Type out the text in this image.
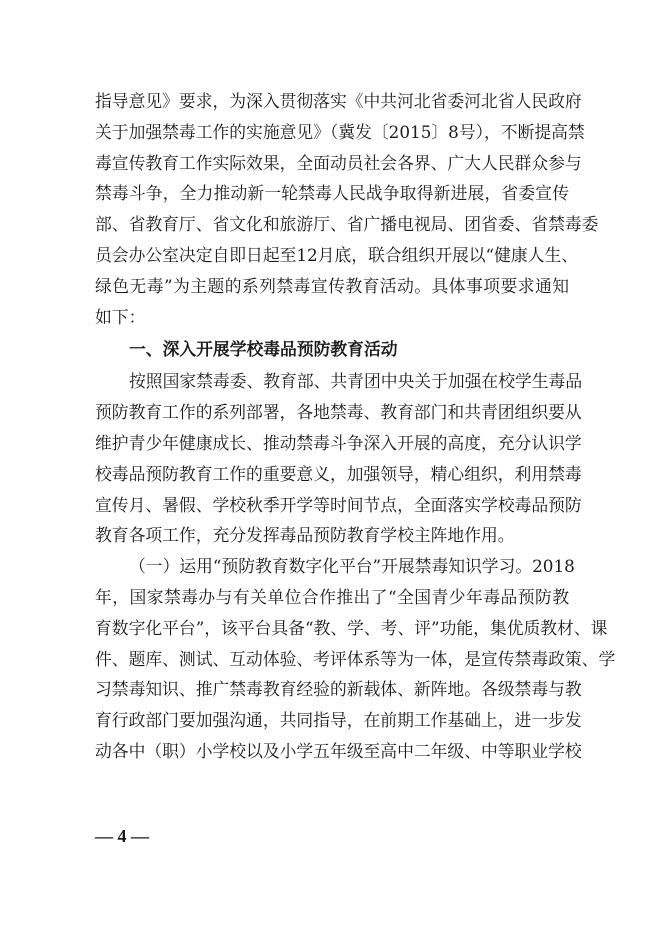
指导意见》要求，为深入贯彻落实《中共河北省委河北省人民政府
关于加强禁毒工作的实施意见》（冀发〔2015〕8号），不断提高禁
毒宣传教育工作实际效果，全面动员社会各界、广大人民群众参与
禁毒斗争，全力推动新一轮禁毒人民战争取得新进展，省委宣传
部、省教育厅、省文化和旅游厅、省广播电视局、团省委、省禁毒委
员会办公室决定自即日起至12月底，联合组织开展以“健康人生、
绿色无毒”为主题的系列禁毒宣传教育活动。具体事项要求通知
如下：
一、深入开展学校毒品预防教育活动
按照国家禁毒委、教育部、共青团中央关于加强在校学生毒品
预防教育工作的系列部署，各地禁毒、教育部门和共青团组织要从
维护青少年健康成长、推动禁毒斗争深入开展的高度，充分认识学
校毒品预防教育工作的重要意义，加强领导，精心组织，利用禁毒
宣传月、暑假、学校秋季开学等时间节点，全面落实学校毒品预防
教育各项工作，充分发挥毒品预防教育学校主阵地作用。
（一）运用“预防教育数字化平台”开展禁毒知识学习。2018
年，国家禁毒办与有关单位合作推出了“全国青少年毒品预防教
育数字化平台”，该平台具备“教、学、考、评”功能，集优质教材、课
件、题库、测试、互动体验、考评体系等为一体，是宣传禁毒政策、学
习禁毒知识、推广禁毒教育经验的新载体、新阵地。各级禁毒与教
育行政部门要加强沟通，共同指导，在前期工作基础上，进一步发
动各中（职）小学校以及小学五年级至高中二年级、中等职业学校
— 4 —
